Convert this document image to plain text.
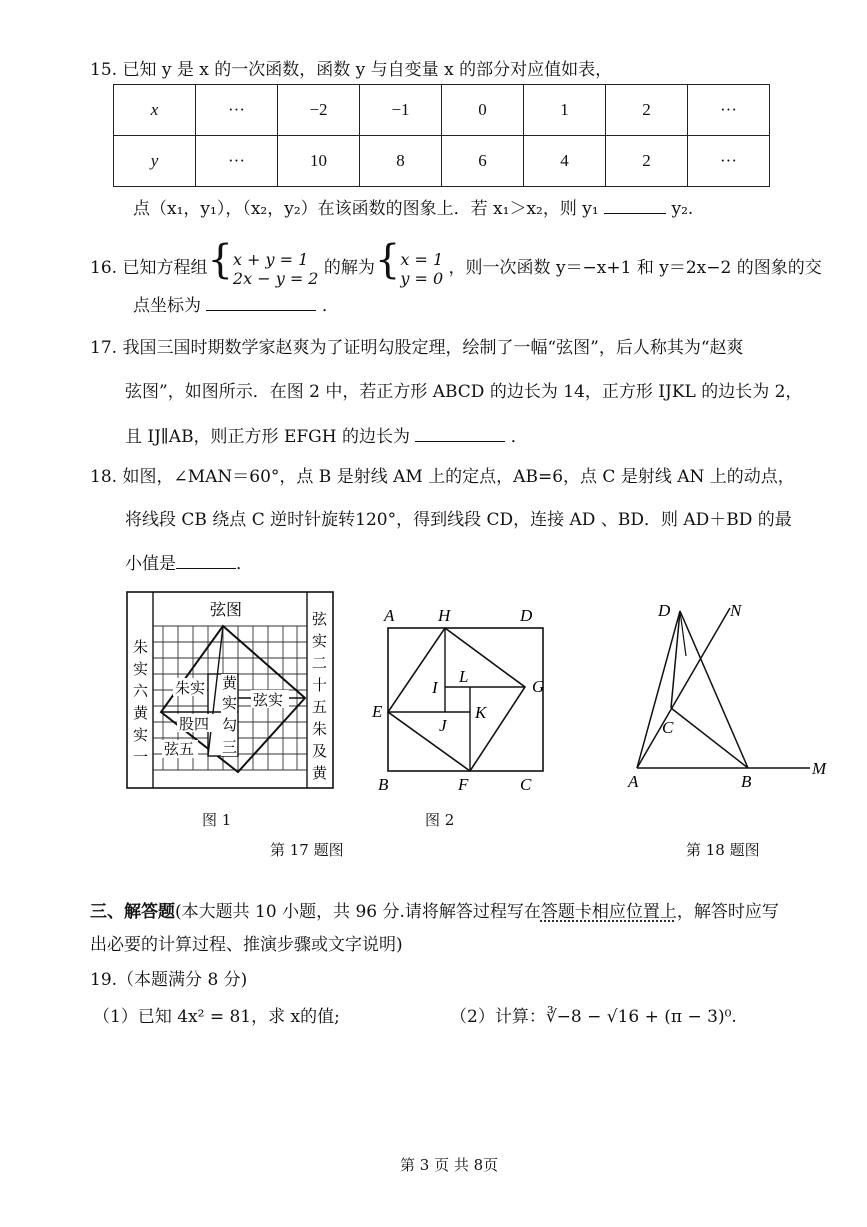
15. 已知 y 是 x 的一次函数，函数 y 与自变量 x 的部分对应值如表，
x	···	−2	−1	0	1	2	···
y	···	10	8	6	4	2	···
点（x₁，y₁），（x₂，y₂）在该函数的图象上．若 x₁＞x₂，则 y₁	y₂.
16. 已知方程组{x + y = 1
2x − y = 2 的解为{x = 1
y = 0 ，则一次函数 y＝−x+1 和 y＝2x−2 的图象的交
点坐标为	．
17. 我国三国时期数学家赵爽为了证明勾股定理，绘制了一幅“弦图”，后人称其为“赵爽
弦图”，如图所示．在图 2 中，若正方形 ABCD 的边长为 14，正方形 IJKL 的边长为 2，
且 IJ∥AB，则正方形 EFGH 的边长为	．
18. 如图，∠MAN＝60°，点 B 是射线 AM 上的定点，AB=6，点 C 是射线 AN 上的动点，
将线段 CB 绕点 C 逆时针旋转120°，得到线段 CD，连接 AD 、BD．则 AD＋BD 的最
小值是	．
弦图
朱
实
六
黄
实
一
弦
实
二
十
五
朱
及
黄
朱实 黄
实 弦实
股四 勾
三
弦五
图 1
A	H	D
G
C
F
B
E
I
L
J
K
图 2
D	N
C
A	B
M
第 17 题图	第 18 题图
三、解答题(本大题共 10 小题，共 96 分.请将解答过程写在答题卡相应位置上，解答时应写
出必要的计算过程、推演步骤或文字说明)
19.（本题满分 8 分)
（1）已知 4x² = 81，求 x的值;	（2）计算：∛−8 − √16 + (π − 3)⁰.
第 3 页 共 8页
